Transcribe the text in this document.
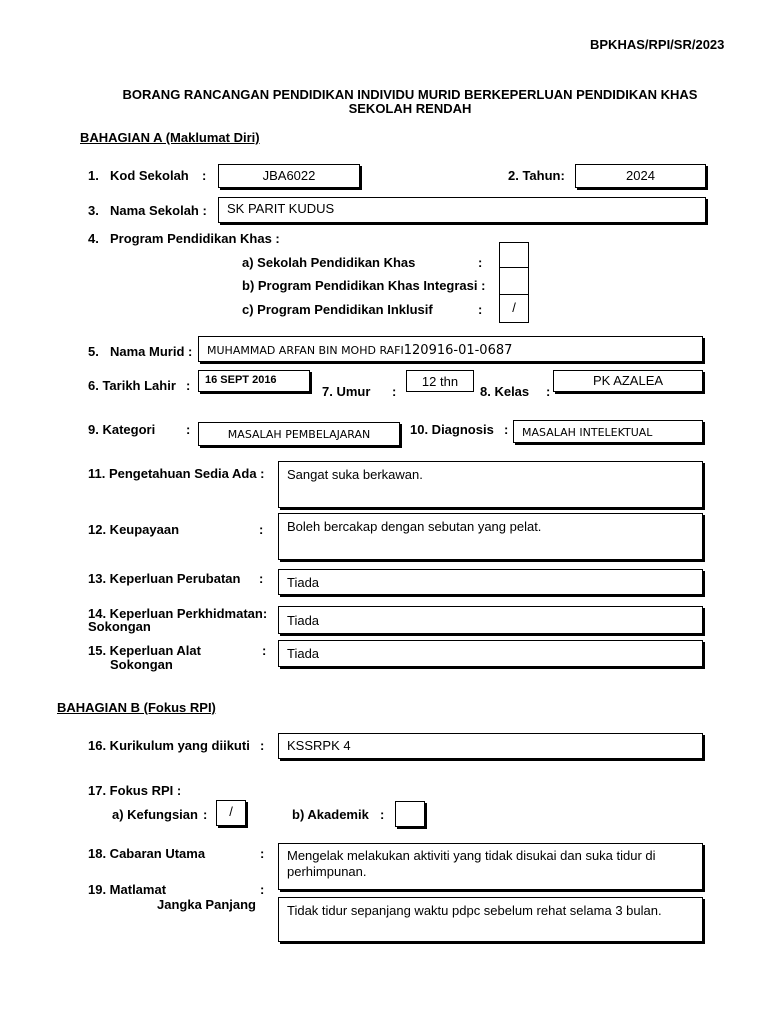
BPKHAS/RPI/SR/2023
BORANG RANCANGAN PENDIDIKAN INDIVIDU MURID BERKEPERLUAN PENDIDIKAN KHAS
SEKOLAH RENDAH
BAHAGIAN A (Maklumat Diri)
1. Kod Sekolah :	JBA6022	2. Tahun:	2024
3. Nama Sekolah :	SK PARIT KUDUS
4. Program Pendidikan Khas :
a) Sekolah Pendidikan Khas	:
b) Program Pendidikan Khas Integrasi :
c) Program Pendidikan Inklusif	:	/
5. Nama Murid :	MUHAMMAD ARFAN BIN MOHD RAFI120916-01-0687
6. Tarikh Lahir :	16 SEPT 2016
7. Umur :
12 thn
8. Kelas :
PK AZALEA
9. Kategori :	MASALAH PEMBELAJARAN	10. Diagnosis :	MASALAH INTELEKTUAL
11. Pengetahuan Sedia Ada :	Sangat suka berkawan.
12. Keupayaan	:	Boleh bercakap dengan sebutan yang pelat.
13. Keperluan Perubatan :	Tiada
14. Keperluan Perkhidmatan:
Sokongan	Tiada
15. Keperluan Alat
Sokongan
:	Tiada
BAHAGIAN B (Fokus RPI)
16. Kurikulum yang diikuti :	KSSRPK 4
17. Fokus RPI :
a) Kefungsian :	/	b) Akademik :
18. Cabaran Utama	:	Mengelak melakukan aktiviti yang tidak disukai dan suka tidur di perhimpunan.
19. Matlamat
Jangka Panjang
:
Tidak tidur sepanjang waktu pdpc sebelum rehat selama 3 bulan.
